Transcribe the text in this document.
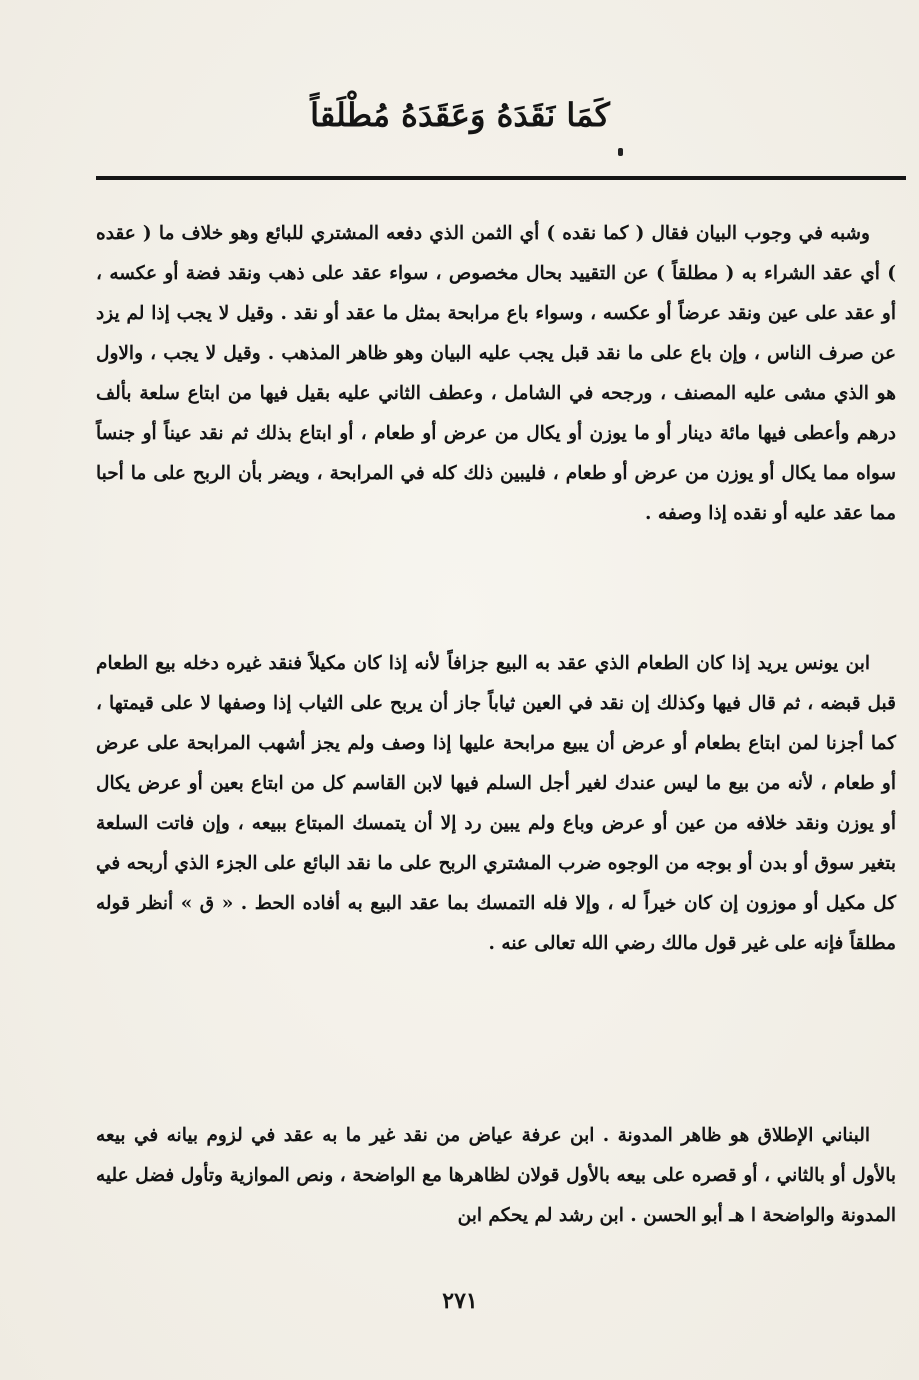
كَمَا نَقَدَهُ وَعَقَدَهُ مُطْلَقاً

وشبه في وجوب البيان فقال ( كما نقده ) أي الثمن الذي دفعه المشتري للبائع وهو خلاف ما ( عقده ) أي عقد الشراء به ( مطلقاً ) عن التقييد بحال مخصوص ، سواء عقد على ذهب ونقد فضة أو عكسه ، أو عقد على عين ونقد عرضاً أو عكسه ، وسواء باع مرابحة بمثل ما عقد أو نقد . وقيل لا يجب إذا لم يزد عن صرف الناس ، وإن باع على ما نقد قبل يجب عليه البيان وهو ظاهر المذهب . وقيل لا يجب ، والاول هو الذي مشى عليه المصنف ، ورجحه في الشامل ، وعطف الثاني عليه بقيل فيها من ابتاع سلعة بألف درهم وأعطى فيها مائة دينار أو ما يوزن أو يكال من عرض أو طعام ، أو ابتاع بذلك ثم نقد عيناً أو جنساً سواه مما يكال أو يوزن من عرض أو طعام ، فليبين ذلك كله في المرابحة ، ويضر بأن الربح على ما أحبا مما عقد عليه أو نقده إذا وصفه .

ابن يونس يريد إذا كان الطعام الذي عقد به البيع جزافاً لأنه إذا كان مكيلاً فنقد غيره دخله بيع الطعام قبل قبضه ، ثم قال فيها وكذلك إن نقد في العين ثياباً جاز أن يربح على الثياب إذا وصفها لا على قيمتها ، كما أجزنا لمن ابتاع بطعام أو عرض أن يبيع مرابحة عليها إذا وصف ولم يجز أشهب المرابحة على عرض أو طعام ، لأنه من بيع ما ليس عندك لغير أجل السلم فيها لابن القاسم كل من ابتاع بعين أو عرض يكال أو يوزن ونقد خلافه من عين أو عرض وباع ولم يبين رد إلا أن يتمسك المبتاع ببيعه ، وإن فاتت السلعة بتغير سوق أو بدن أو بوجه من الوجوه ضرب المشتري الربح على ما نقد البائع على الجزء الذي أربحه في كل مكيل أو موزون إن كان خيراً له ، وإلا فله التمسك بما عقد البيع به أفاده الحط . « ق » أنظر قوله مطلقاً فإنه على غير قول مالك رضي الله تعالى عنه .

البناني الإطلاق هو ظاهر المدونة . ابن عرفة عياض من نقد غير ما به عقد في لزوم بيانه في بيعه بالأول أو بالثاني ، أو قصره على بيعه بالأول قولان لظاهرها مع الواضحة ، ونص الموازية وتأول فضل عليه المدونة والواضحة ا هـ أبو الحسن . ابن رشد لم يحكم ابن

٢٧١
